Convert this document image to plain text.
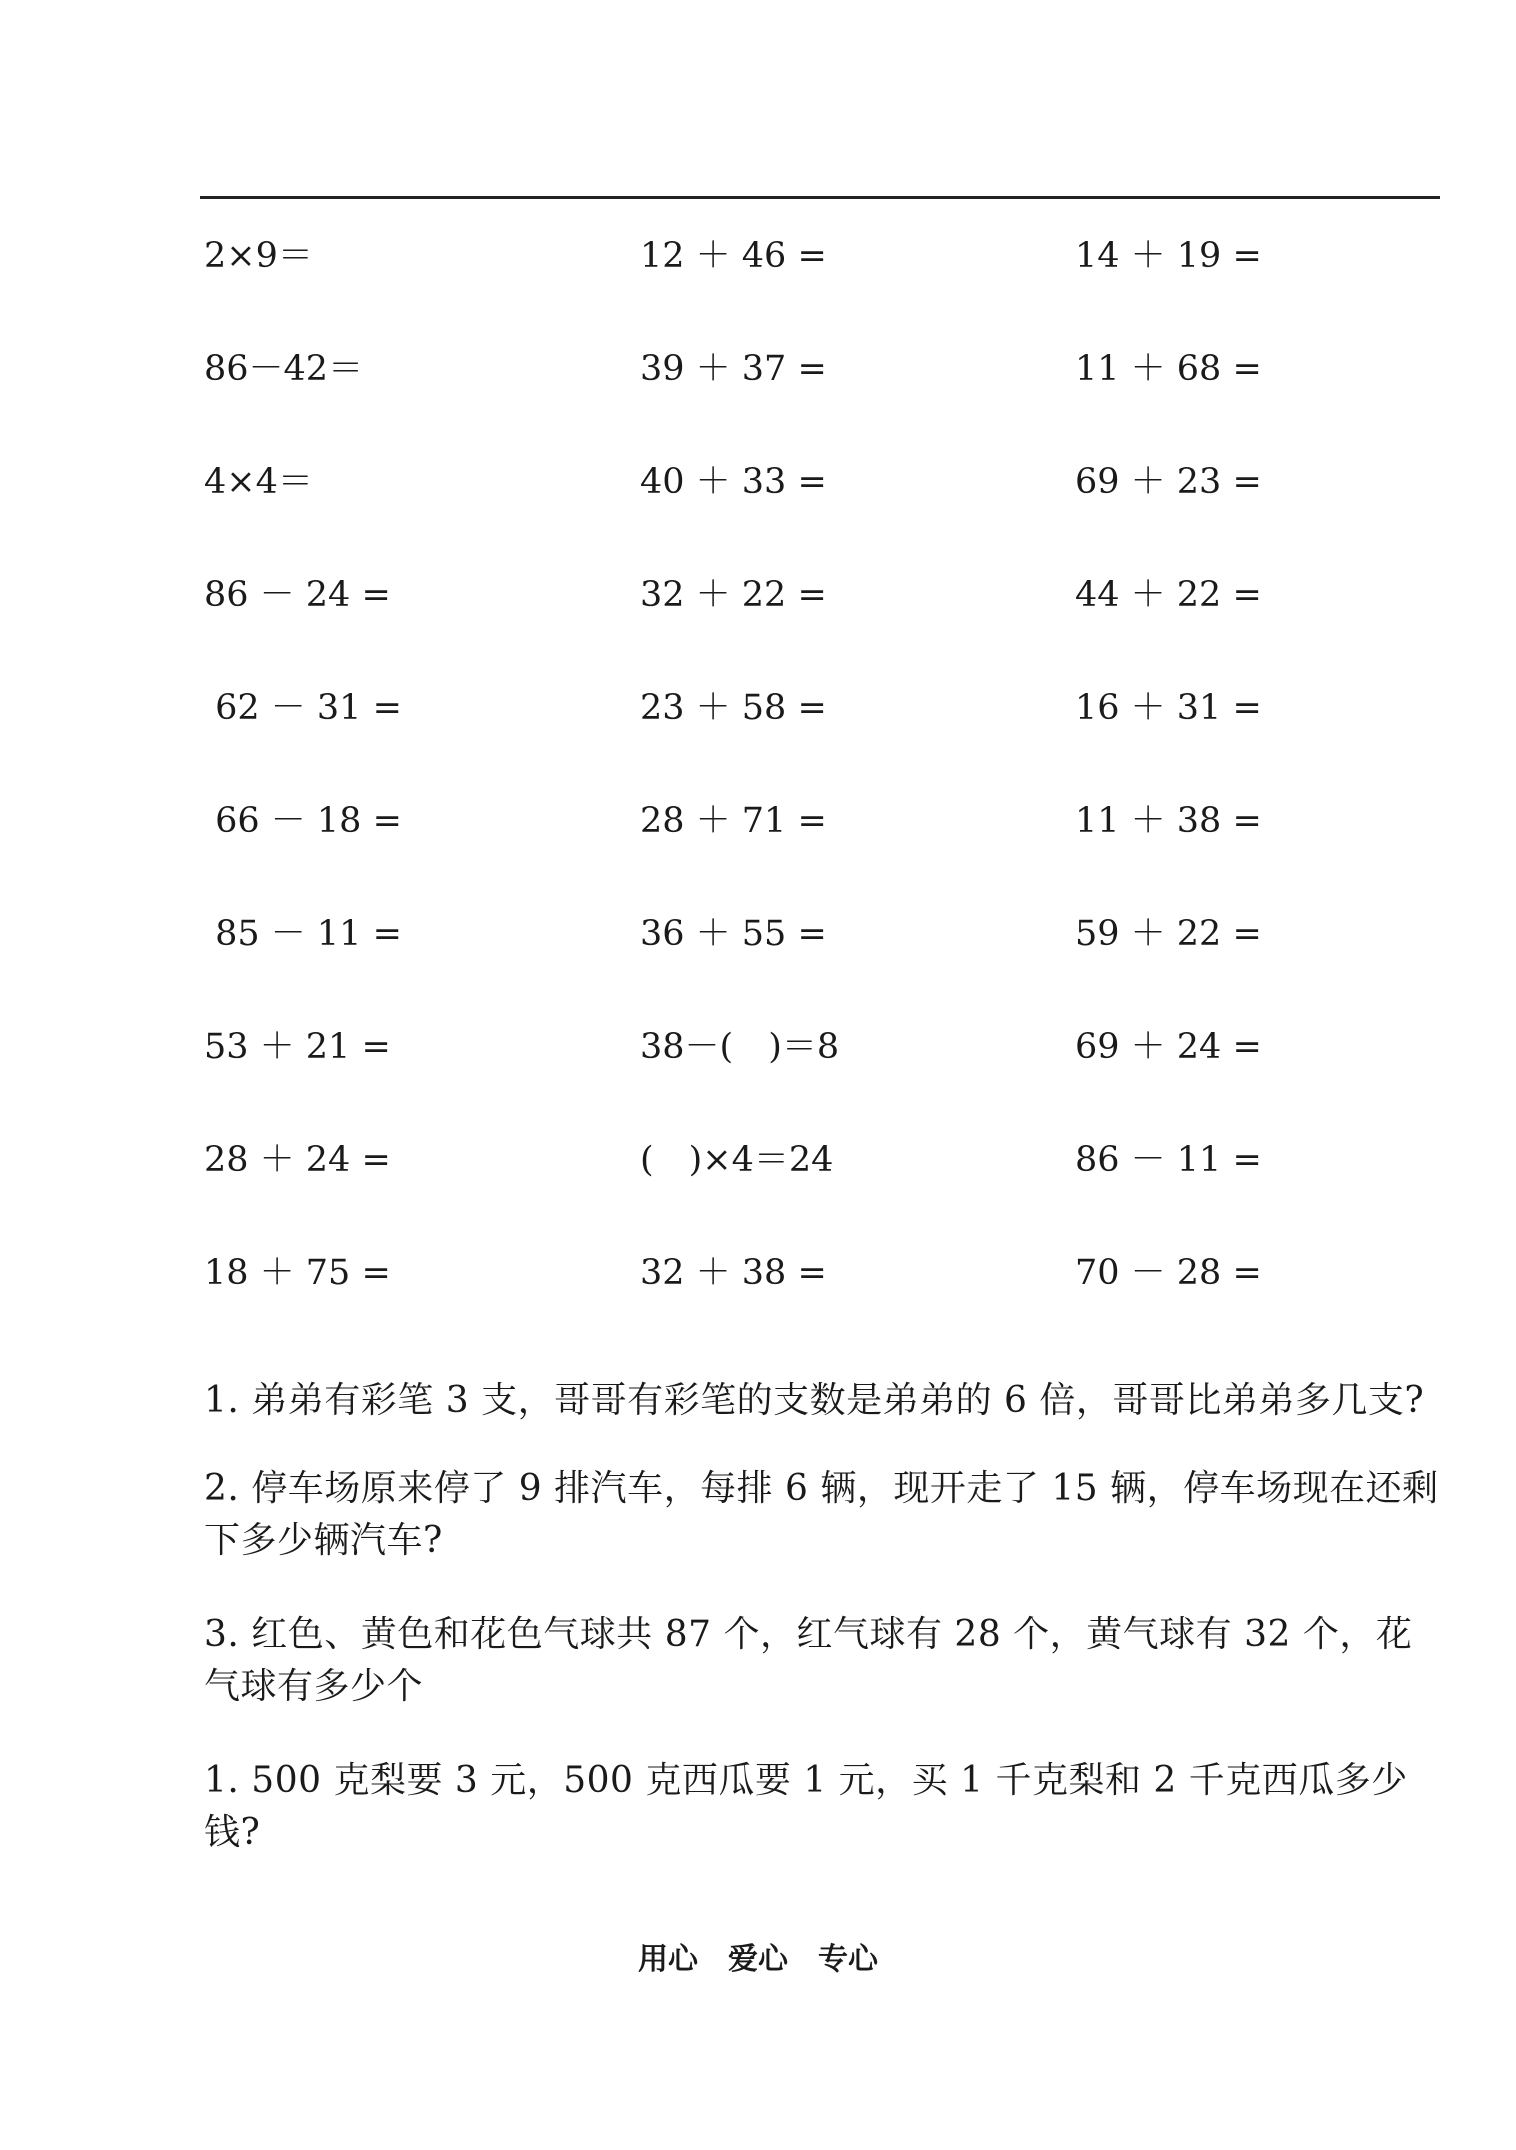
2×9＝	12 ＋ 46 =	14 ＋ 19 =
86－42＝	39 ＋ 37 =	11 ＋ 68 =
4×4＝	40 ＋ 33 =	69 ＋ 23 =
86 － 24 =	32 ＋ 22 =	44 ＋ 22 =
62 － 31 =	23 ＋ 58 =	16 ＋ 31 =
66 － 18 =	28 ＋ 71 =	11 ＋ 38 =
85 － 11 =	36 ＋ 55 =	59 ＋ 22 =
53 ＋ 21 =	38－(　)＝8	69 ＋ 24 =
28 ＋ 24 =	(　)×4＝24	86 － 11 =
18 ＋ 75 =	32 ＋ 38 =	70 － 28 =

1. 弟弟有彩笔 3 支，哥哥有彩笔的支数是弟弟的 6 倍，哥哥比弟弟多几支?

2. 停车场原来停了 9 排汽车，每排 6 辆，现开走了 15 辆，停车场现在还剩下多少辆汽车?

3. 红色、黄色和花色气球共 87 个，红气球有 28 个，黄气球有 32 个，花气球有多少个

1. 500 克梨要 3 元，500 克西瓜要 1 元，买 1 千克梨和 2 千克西瓜多少钱?

用心　爱心　专心
